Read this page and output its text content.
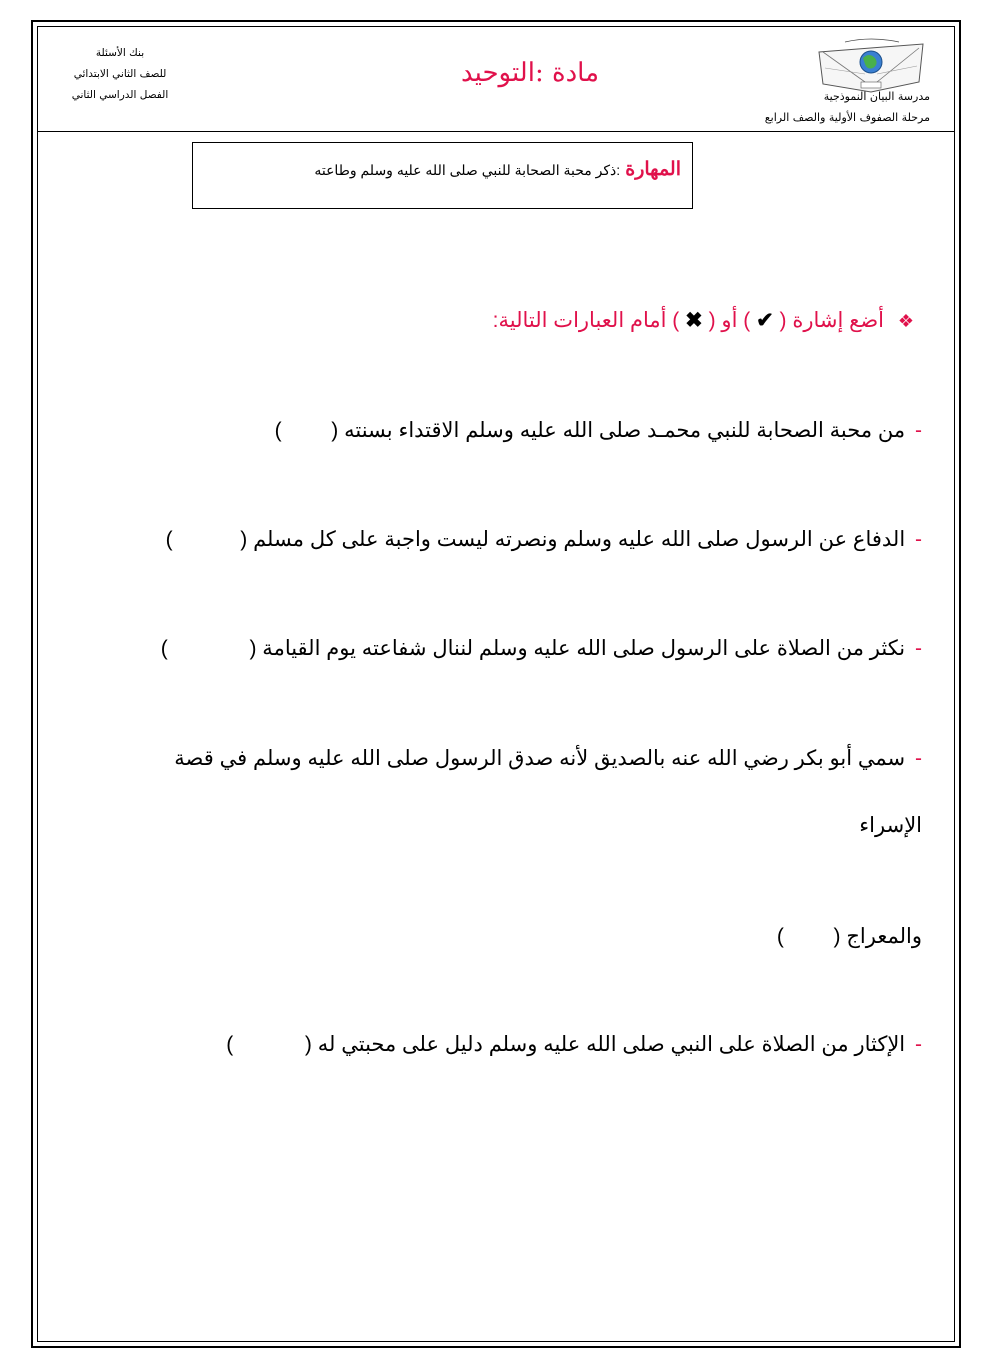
مدرسة البيان النموذجية
مرحلة الصفوف الأولية والصف الرابع
مادة :التوحيد
بنك الأسئلة
للصف الثاني الابتدائي
الفصل الدراسي الثاني
المهارة :ذكر محبة الصحابة للنبي صلى الله عليه وسلم وطاعته
❖ أضع إشارة ( ✔ ) أو ( ✖ ) أمام العبارات التالية:
- من محبة الصحابة للنبي محمـد صلى الله عليه وسلم الاقتداء بسنته (  )
- الدفاع عن الرسول صلى الله عليه وسلم ونصرته ليست واجبة على كل مسلم (  )
- نكثر من الصلاة على الرسول صلى الله عليه وسلم لننال شفاعته يوم القيامة (  )
- سمي أبو بكر رضي الله عنه بالصديق لأنه صدق الرسول صلى الله عليه وسلم في قصة
الإسراء
والمعراج (  )
- الإكثار من الصلاة على النبي صلى الله عليه وسلم دليل على محبتي له (  )
